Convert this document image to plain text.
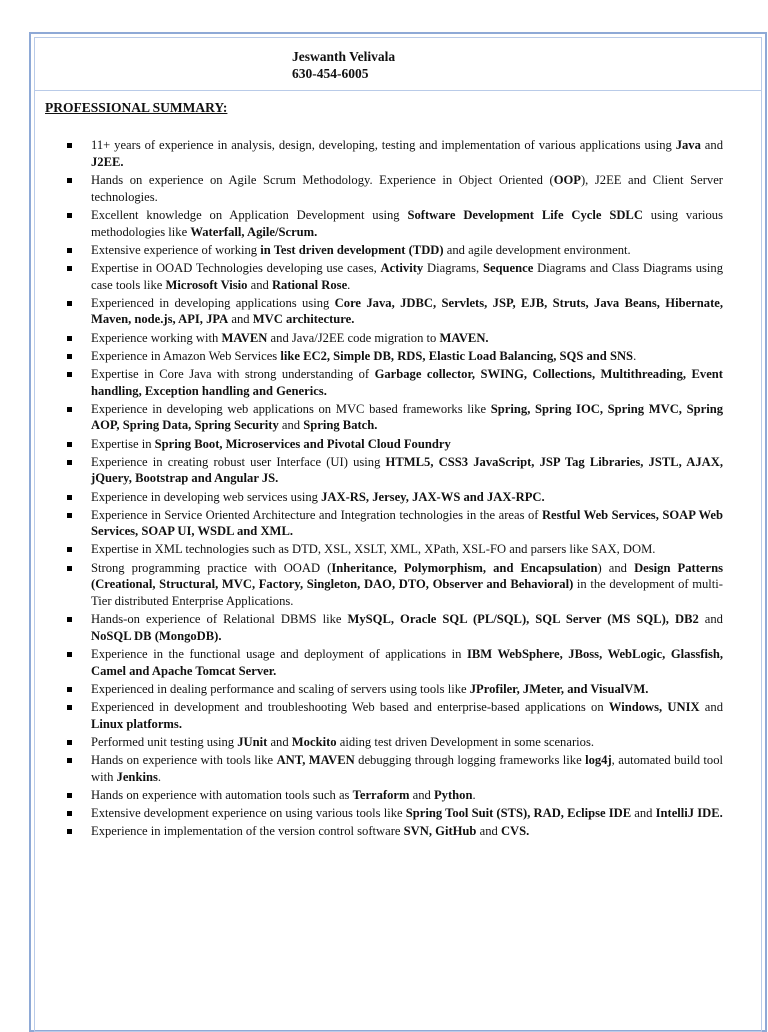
Jeswanth Velivala
630-454-6005
PROFESSIONAL SUMMARY:
11+ years of experience in analysis, design, developing, testing and implementation of various applications using Java and J2EE.
Hands on experience on Agile Scrum Methodology. Experience in Object Oriented (OOP), J2EE and Client Server technologies.
Excellent knowledge on Application Development using Software Development Life Cycle SDLC using various methodologies like Waterfall, Agile/Scrum.
Extensive experience of working in Test driven development (TDD) and agile development environment.
Expertise in OOAD Technologies developing use cases, Activity Diagrams, Sequence Diagrams and Class Diagrams using case tools like Microsoft Visio and Rational Rose.
Experienced in developing applications using Core Java, JDBC, Servlets, JSP, EJB, Struts, Java Beans, Hibernate, Maven, node.js, API, JPA and MVC architecture.
Experience working with MAVEN and Java/J2EE code migration to MAVEN.
Experience in Amazon Web Services like EC2, Simple DB, RDS, Elastic Load Balancing, SQS and SNS.
Expertise in Core Java with strong understanding of Garbage collector, SWING, Collections, Multithreading, Event handling, Exception handling and Generics.
Experience in developing web applications on MVC based frameworks like Spring, Spring IOC, Spring MVC, Spring AOP, Spring Data, Spring Security and Spring Batch.
Expertise in Spring Boot, Microservices and Pivotal Cloud Foundry
Experience in creating robust user Interface (UI) using HTML5, CSS3 JavaScript, JSP Tag Libraries, JSTL, AJAX, jQuery, Bootstrap and Angular JS.
Experience in developing web services using JAX-RS, Jersey, JAX-WS and JAX-RPC.
Experience in Service Oriented Architecture and Integration technologies in the areas of Restful Web Services, SOAP Web Services, SOAP UI, WSDL and XML.
Expertise in XML technologies such as DTD, XSL, XSLT, XML, XPath, XSL-FO and parsers like SAX, DOM.
Strong programming practice with OOAD (Inheritance, Polymorphism, and Encapsulation) and Design Patterns (Creational, Structural, MVC, Factory, Singleton, DAO, DTO, Observer and Behavioral) in the development of multi-Tier distributed Enterprise Applications.
Hands-on experience of Relational DBMS like MySQL, Oracle SQL (PL/SQL), SQL Server (MS SQL), DB2 and NoSQL DB (MongoDB).
Experience in the functional usage and deployment of applications in IBM WebSphere, JBoss, WebLogic, Glassfish, Camel and Apache Tomcat Server.
Experienced in dealing performance and scaling of servers using tools like JProfiler, JMeter, and VisualVM.
Experienced in development and troubleshooting Web based and enterprise-based applications on Windows, UNIX and Linux platforms.
Performed unit testing using JUnit and Mockito aiding test driven Development in some scenarios.
Hands on experience with tools like ANT, MAVEN debugging through logging frameworks like log4j, automated build tool with Jenkins.
Hands on experience with automation tools such as Terraform and Python.
Extensive development experience on using various tools like Spring Tool Suit (STS), RAD, Eclipse IDE and IntelliJ IDE.
Experience in implementation of the version control software SVN, GitHub and CVS.
